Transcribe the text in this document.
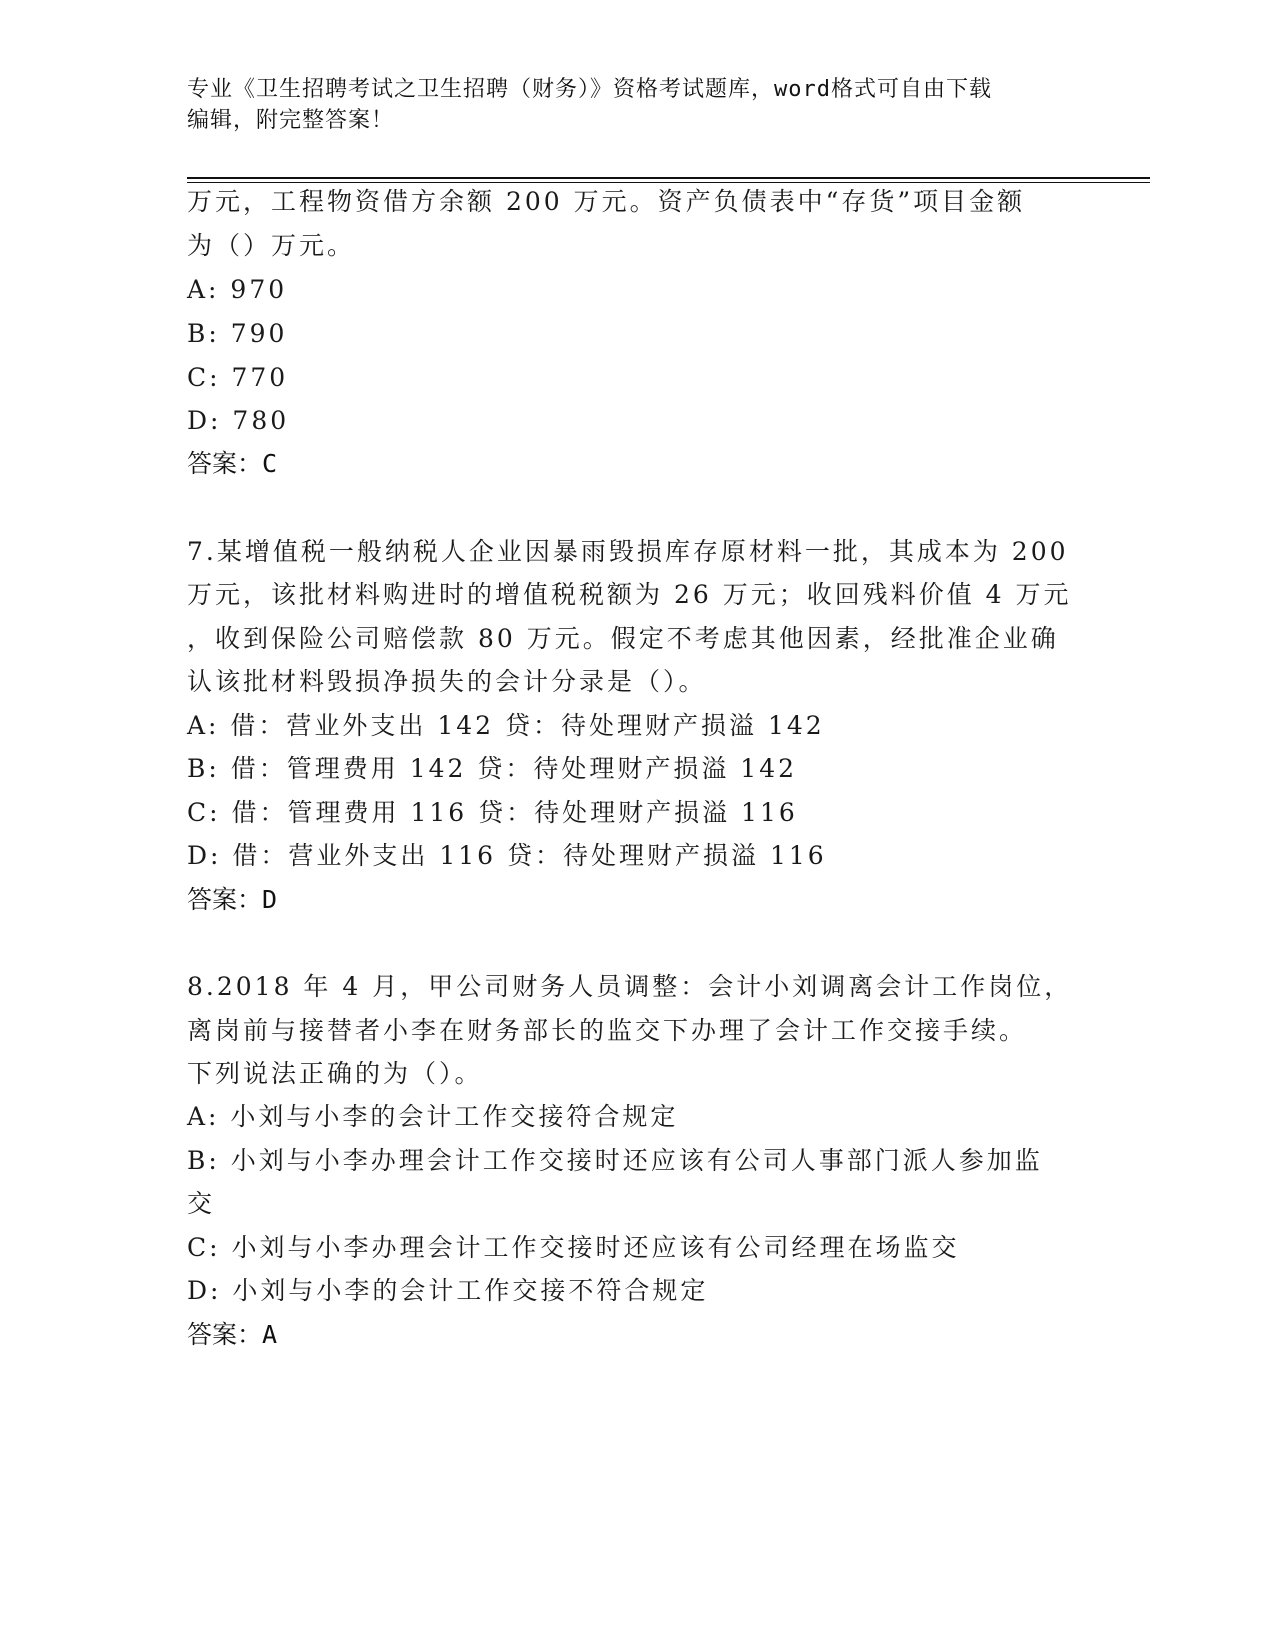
专业《卫生招聘考试之卫生招聘（财务）》资格考试题库，word格式可自由下载
编辑，附完整答案！
万元，工程物资借方余额 200 万元。资产负债表中“存货”项目金额
为（）万元。
A: 970
B: 790
C: 770
D: 780
答案：C
7.某增值税一般纳税人企业因暴雨毁损库存原材料一批，其成本为 200
万元，该批材料购进时的增值税税额为 26 万元；收回残料价值 4 万元
，收到保险公司赔偿款 80 万元。假定不考虑其他因素，经批准企业确
认该批材料毁损净损失的会计分录是（）。
A: 借：营业外支出 142 贷：待处理财产损溢 142
B: 借：管理费用 142 贷：待处理财产损溢 142
C: 借：管理费用 116 贷：待处理财产损溢 116
D: 借：营业外支出 116 贷：待处理财产损溢 116
答案：D
8.2018 年 4 月，甲公司财务人员调整：会计小刘调离会计工作岗位，
离岗前与接替者小李在财务部长的监交下办理了会计工作交接手续。
下列说法正确的为（）。
A: 小刘与小李的会计工作交接符合规定
B: 小刘与小李办理会计工作交接时还应该有公司人事部门派人参加监
交
C: 小刘与小李办理会计工作交接时还应该有公司经理在场监交
D: 小刘与小李的会计工作交接不符合规定
答案：A
